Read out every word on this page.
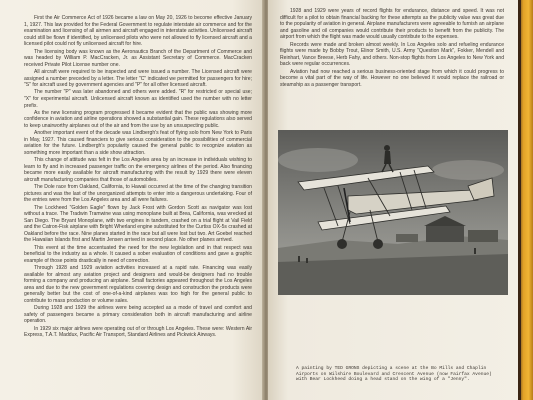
First the Air Commerce Act of 1926 became a law on May 20, 1926 to become effective January 1, 1927. This law provided for the Federal Government to regulate interstate air commerce and for the examination and licensing of all airmen and aircraft engaged in interstate activities. Unlicensed aircraft could still be flown if identified, by unlicensed pilots who were not allowed to fly licensed aircraft and a licensed pilot could not fly unlicensed aircraft for hire.

The licensing body was known as the Aeronautics Branch of the Department of Commerce and was headed by William P. MacCracken, Jr. as Assistant Secretary of Commerce. MacCracken received Private Pilot License number one.

All aircraft were required to be inspected and were issued a number. The Licensed aircraft were assigned a number preceded by a letter. The letter "C" indicated we permitted for passengers for hire; "S" for aircraft used by government agencies and "P" for all other licensed aircraft.

The number "P" was later abandoned and others were added. "R" for restricted or special use; "X" for experimental aircraft. Unlicensed aircraft known as identified used the number with no letter prefix.

As the new licensing program progressed it became evident that the public was showing more confidence in aviation and airline operations showed a substantial gain. These regulations also served to keep unairworthy airplanes out of the air and from the use by an unsuspecting public.

Another important event of the decade was Lindbergh's feat of flying solo from New York to Paris in May, 1927. This caused financiers to give serious consideration to the possibilities of commercial aviation for the future. Lindbergh's popularity caused the general public to recognize aviation as something more important than a side show attraction.

This change of attitude was felt in the Los Angeles area by an increase in individuals wishing to learn to fly and in increased passenger traffic on the emergency airlines of the period. Also financing became more easily available for aircraft manufacturing with the result by 1929 there were eleven aircraft manufacturing companies that those of automobiles.

The Dole race from Oakland, California, to Hawaii occurred at the time of the changing transition pictures and was the last of the unorganized attempts to enter into a dangerous undertaking. Four of the entries were from the Los Angeles area and all were failures.

The Lockheed "Golden Eagle" flown by Jack Frost with Gordon Scott as navigator was lost without a trace. The Tradwin Tramwine was using monoplane built at Brea, California, was wrecked at San Diego. The Bryant Monoplane, with two engines in tandem, crashed on a trial flight at Vail Field and the Catron-Fisk airplane with Bright Wherland engine substituted for the Curtiss OX-5s crashed at Oakland before the race. Nine planes started in the race but all were lost but two. Art Goebel reached the Hawaiian Islands first and Martin Jensen arrived in second place. No other planes arrived.

This event at the time accentuated the need for the new legislation and in that respect was beneficial to the industry as a whole. It caused a sober evaluation of conditions and gave a graphic example of those points drastically in need of correction.

Through 1928 and 1929 aviation activities increased at a rapid rate. Financing was easily available for almost any aviation project and designers and would-be designers had no trouble forming a company and producing an airplane. Small factories appeared throughout the Los Angeles area and due to the new government regulations covering design and construction the products were generally better but the cost of one-of-a-kind airplanes was too high for the general public to contribute to mass production or volume sales.

During 1928 and 1929 the airlines were being accepted as a mode of travel and comfort and safety of passengers became a primary consideration both in aircraft manufacturing and airline operation.

In 1929 six major airlines were operating out of or through Los Angeles. These were: Western Air Express, T.A.T. Maddux, Pacific Air Transport, Standard Airlines and Pickwick Airways.

1928 and 1929 were years of record flights for endurance, distance and speed. It was not difficult for a pilot to obtain financial backing for these attempts as the publicity value was great due to the popularity of aviation in general. Airplane manufacturers were agreeable to furnish an airplane and gasoline and oil companies would contribute their products to benefit from the publicity. The airport from which the flight was made would usually contribute to the expenses.

Records were made and broken almost weekly. In Los Angeles solo and refueling endurance flights were made by Bobby Trout, Elinor Smith, U.S. Army "Question Mark", Fokker, Mendell and Reinhart, Vance Breese, Herb Fahy, and others. Non-stop flights from Los Angeles to New York and back were regular occurrences.

Aviation had now reached a serious business-oriented stage from which it could progress to become a vital part of the way of life. However no one believed it would replace the railroad or steamship as a passenger transport.

A painting by TED GRONS depicting a scene at the Bo Mills and Chaplin Airports on Wilshire Boulevard and Crescent Avenue (now Fairfax Avenue) with Bear Lockheed doing a head stand on the wing of a "Jenny".
